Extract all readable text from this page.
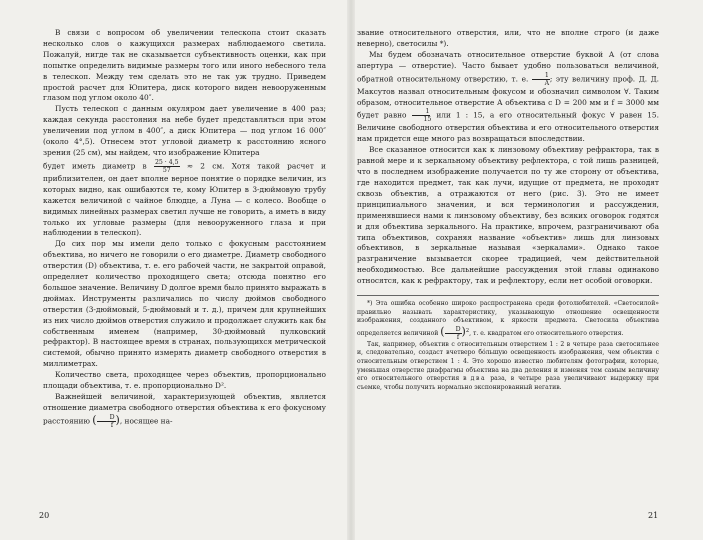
В связи с вопросом об увеличении телескопа стоит сказать несколько слов о кажущихся размерах наблюдаемого светила. Пожалуй, нигде так не сказывается субъективность оценки, как при попытке определить видимые размеры того или иного небесного тела в телескоп. Между тем сделать это не так уж трудно. Приведем простой расчет для Юпитера, диск которого виден невооруженным глазом под углом около 40″.

Пусть телескоп с данным окуляром дает увеличение в 400 раз; каждая секунда расстояния на небе будет представляться при этом увеличении под углом в 400″, а диск Юпитера — под углом 16 000″ (около 4°,5). Отнесем этот угловой диаметр к расстоянию ясного зрения (25 см), мы найдем, что изображение Юпитера

будет иметь диаметр в $\frac{25 \cdot 4,5}{57} \approx 2$ см. Хотя такой расчет и приблизителен, он дает вполне верное понятие о порядке величин, из которых видно, как ошибаются те, кому Юпитер в 3-дюймовую трубу кажется величиной с чайное блюдце, а Луна — с колесо. Вообще о видимых линейных размерах светил лучше не говорить, а иметь в виду только их угловые размеры (для невооруженного глаза и при наблюдении в телескоп).

До сих пор мы имели дело только с фокусным расстоянием объектива, но ничего не говорили о его диаметре. Диаметр свободного отверстия (D) объектива, т. е. его рабочей части, не закрытой оправой, определяет количество проходящего света; отсюда понятно его большое значение. Величину D долгое время было принято выражать в дюймах. Инструменты различались по числу дюймов свободного отверстия (3-дюймовый, 5-дюймовый и т. д.), причем для крупнейших из них число дюймов отверстия служило и продолжает служить как бы собственным именем (например, 30-дюймовый пулковский рефрактор). В настоящее время в странах, пользующихся метрической системой, обычно принято измерять диаметр свободного отверстия в миллиметрах.

Количество света, проходящее через объектив, пропорционально площади объектива, т. е. пропорционально D².

Важнейшей величиной, характеризующей объектив, является отношение диаметра свободного отверстия объектива к его фокусному расстоянию ( $\frac{D}{f}$ ), носящее на-

20

звание относительного отверстия, или, что не вполне строго (и даже неверно), светосилы *).

Мы будем обозначать относительное отверстие буквой A (от слова апертура — отверстие). Часто бывает удобно пользоваться величиной, обратной относительному отверстию, т. е. $\frac{1}{A}$ ; эту величину проф. Д. Д. Максутов назвал относительным фокусом и обозначил символом ∀. Таким образом, относительное отверстие A объектива с D = 200 мм и f = 3000 мм будет равно $\frac{1}{15}$ или 1 : 15, а его относительный фокус ∀ равен 15. Величине свободного отверстия объектива и его относительного отверстия нам придется еще много раз возвращаться впоследствии.

Все сказанное относится как к линзовому объективу рефрактора, так в равной мере и к зеркальному объективу рефлектора, с той лишь разницей, что в последнем изображение получается по ту же сторону от объектива, где находится предмет, так как лучи, идущие от предмета, не проходят сквозь объектив, а отражаются от него (рис. 3). Это не имеет принципиального значения, и вся терминология и рассуждения, применявшиеся нами к линзовому объективу, без всяких оговорок годятся и для объектива зеркального. На практике, впрочем, разграничивают оба типа объективов, сохраняя название «объектив» лишь для линзовых объективов, в зеркальные называя «зеркалами». Однако такое разграничение вызывается скорее традицией, чем действительной необходимостью. Все дальнейшие рассуждения этой главы одинаково относятся, как к рефрактору, так и рефлектору, если нет особой оговорки.

*) Эта ошибка особенно широко распространена среди фотолюбителей. «Светосилой» правильно называть характеристику, указывающую отношение освещенности изображения, созданного объективом, к яркости предмета. Светосила объектива определяется величиной ( $\frac{D}{f} )^2$, т. е. квадратом его относительного отверстия.

Так, например, объектив с относительным отверстием 1 : 2 в четыре раза светосильнее и, следовательно, создаст вчетверо бóльшую освещенность изображения, чем объектив с относительным отверстием 1 : 4. Это хорошо известно любителям фотографии, которые, уменьшая отверстие диафрагмы объектива на два деления и изменяя тем самым величину его относительного отверстия в два раза, в четыре раза увеличивают выдержку при съемке, чтобы получить нормально экспонированный негатив.

21
